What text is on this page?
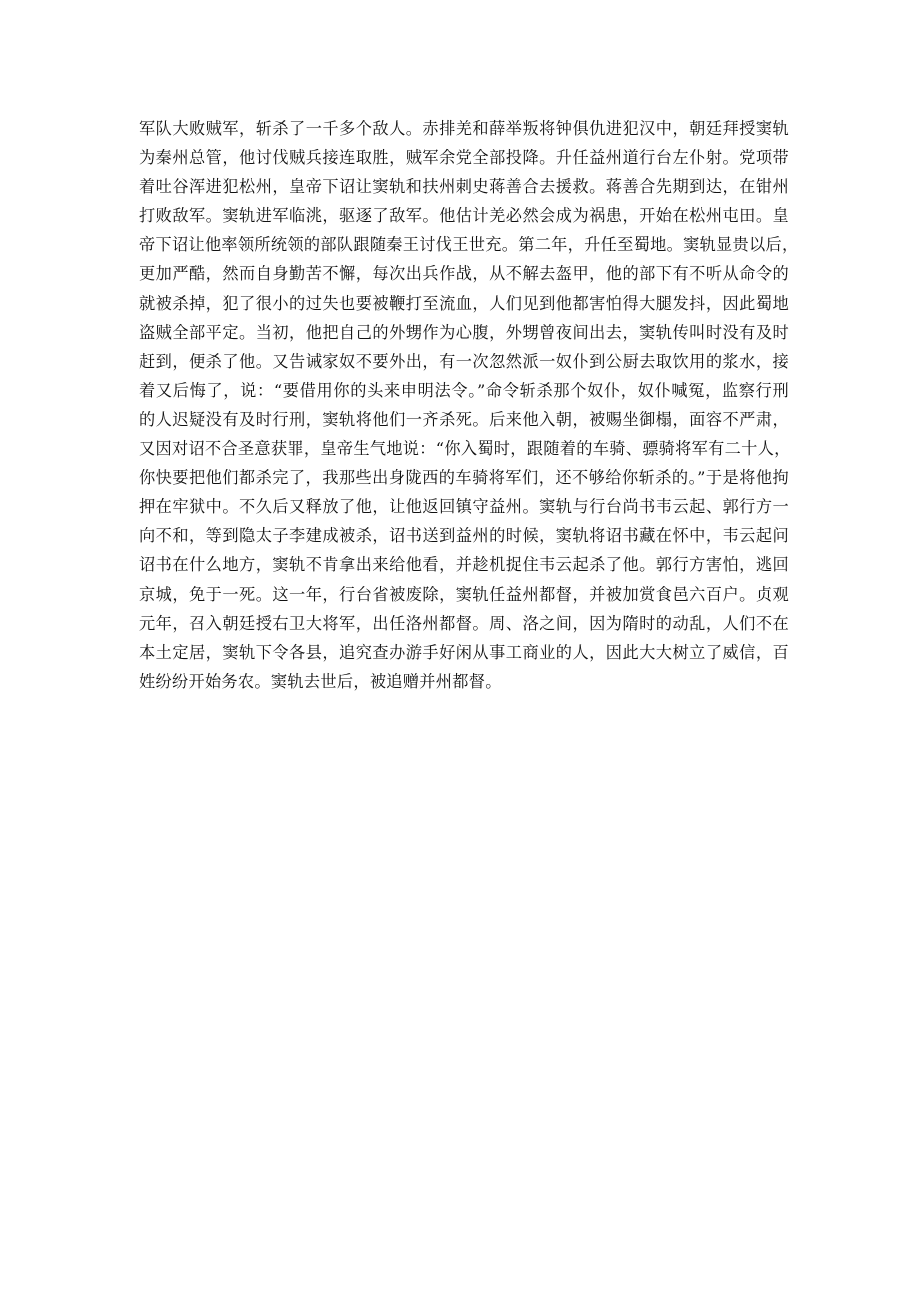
军队大败贼军，斩杀了一千多个敌人。赤排羌和薛举叛将钟俱仇进犯汉中，朝廷拜授窦轨
为秦州总管，他讨伐贼兵接连取胜，贼军余党全部投降。升任益州道行台左仆射。党项带
着吐谷浑进犯松州，皇帝下诏让窦轨和扶州刺史蒋善合去援救。蒋善合先期到达，在钳州
打败敌军。窦轨进军临洮，驱逐了敌军。他估计羌必然会成为祸患，开始在松州屯田。皇
帝下诏让他率领所统领的部队跟随秦王讨伐王世充。第二年，升任至蜀地。窦轨显贵以后，
更加严酷，然而自身勤苦不懈，每次出兵作战，从不解去盔甲，他的部下有不听从命令的
就被杀掉，犯了很小的过失也要被鞭打至流血，人们见到他都害怕得大腿发抖，因此蜀地
盗贼全部平定。当初，他把自己的外甥作为心腹，外甥曾夜间出去，窦轨传叫时没有及时
赶到，便杀了他。又告诫家奴不要外出，有一次忽然派一奴仆到公厨去取饮用的浆水，接
着又后悔了，说：“要借用你的头来申明法令。”命令斩杀那个奴仆，奴仆喊冤，监察行刑
的人迟疑没有及时行刑，窦轨将他们一齐杀死。后来他入朝，被赐坐御榻，面容不严肃，
又因对诏不合圣意获罪，皇帝生气地说：“你入蜀时，跟随着的车骑、骠骑将军有二十人，
你快要把他们都杀完了，我那些出身陇西的车骑将军们，还不够给你斩杀的。”于是将他拘
押在牢狱中。不久后又释放了他，让他返回镇守益州。窦轨与行台尚书韦云起、郭行方一
向不和，等到隐太子李建成被杀，诏书送到益州的时候，窦轨将诏书藏在怀中，韦云起问
诏书在什么地方，窦轨不肯拿出来给他看，并趁机捉住韦云起杀了他。郭行方害怕，逃回
京城，免于一死。这一年，行台省被废除，窦轨任益州都督，并被加赏食邑六百户。贞观
元年，召入朝廷授右卫大将军，出任洛州都督。周、洛之间，因为隋时的动乱，人们不在
本土定居，窦轨下令各县，追究查办游手好闲从事工商业的人，因此大大树立了威信，百
姓纷纷开始务农。窦轨去世后，被追赠并州都督。
